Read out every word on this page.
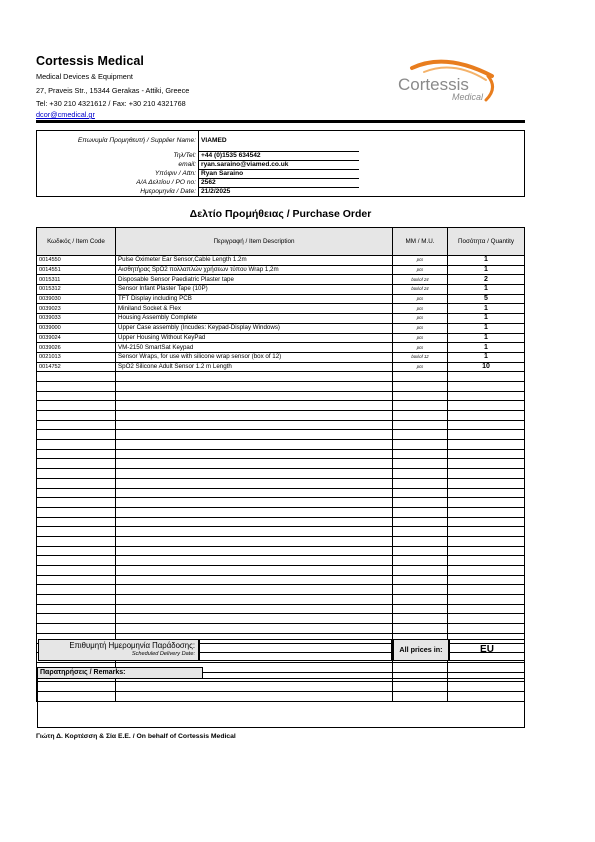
Cortessis Medical
Medical Devices & Equipment
27, Praveis Str., 15344 Gerakas - Attiki, Greece
Tel: +30 210 4321612 / Fax: +30 210 4321768
dcor@cmedical.gr
Cortessis
Medical
Επωνυμία Προμηθευτή / Supplier Name:	VIAMED	
Τηλ/Tel:	+44 (0)1535 634542	
email:	ryan.saraino@viamed.co.uk	
Υπόψιν / Attn:	Ryan Saraino	
Α/Α Δελτίου / PO no:	2562	
Ημερομηνία / Date:	21/2/2025	
Δελτίο Προμήθειας / Purchase Order
Κωδικός / Item Code	Περιγραφή / Item Description	ΜΜ / M.U.	Ποσότητα / Quantity
0014550	Pulse Oximeter Ear Sensor,Cable Length 1.2m	pcs	1
0014551	Αισθητήρας SpO2 πολλαπλών χρήσεων τύπου Wrap 1,2m	pcs	1
0015311	Disposable Sensor Paediatric Plaster tape	box\of 24	2
0015312	Sensor Infant Plaster Tape (10P)	box\of 24	1
0039030	TFT Display including PCB	pcs	5
0039023	Miniland Socket & Flex	pcs	1
0039033	Housing Assembly Complete	pcs	1
0039000	Upper Case assembly (Incudes: Keypad-Display Windows)	pcs	1
0039024	Upper Housing Without KeyPad	pcs	1
0039026	VM-2150 SmartSat Keypad	pcs	1
0021013	Sensor Wraps, for use with silicone wrap sensor (box of 12)	box\of 12	1
0014752	SpO2 Silicone Adult Sensor 1.2 m Length	pcs	10

Επιθυμητή Ημερομηνία Παράδοσης:
Scheduled Delivery Date:	All prices in:	EU
Παρατηρήσεις / Remarks:
Γιώτη Δ. Κορτέσση & Σία Ε.Ε. / On behalf of Cortessis Medical
